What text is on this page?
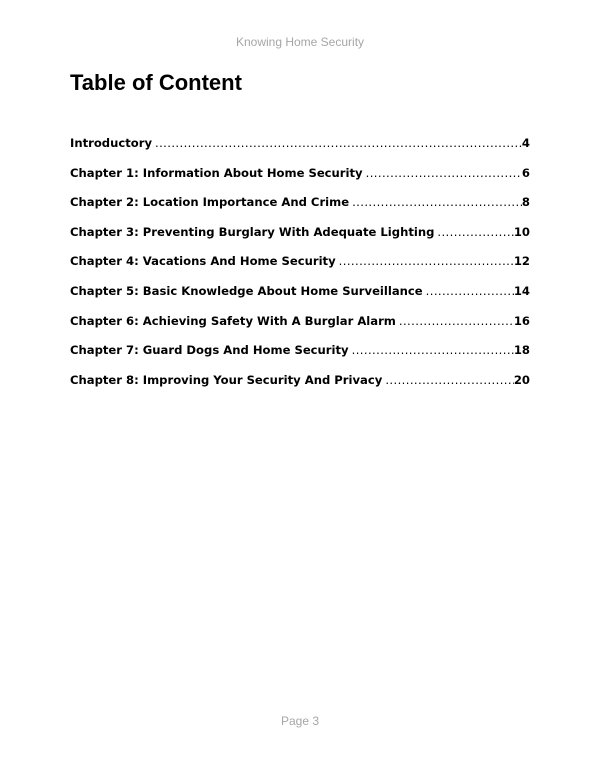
Knowing Home Security
Table of Content
Introductory .....	4
Chapter 1: Information About Home Security .....	6
Chapter 2: Location Importance And Crime .....	8
Chapter 3: Preventing Burglary With Adequate Lighting .....	10
Chapter 4: Vacations And Home Security .....	12
Chapter 5: Basic Knowledge About Home Surveillance .....	14
Chapter 6: Achieving Safety With A Burglar Alarm .....	16
Chapter 7: Guard Dogs And Home Security .....	18
Chapter 8: Improving Your Security And Privacy .....	20
Page 3
